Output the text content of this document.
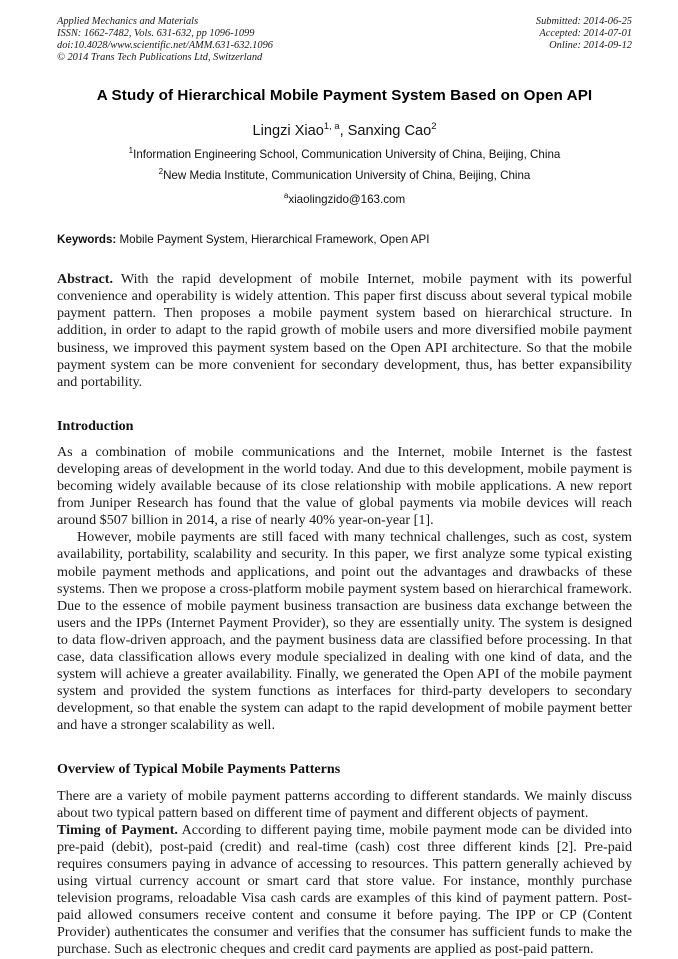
Applied Mechanics and Materials
ISSN: 1662-7482, Vols. 631-632, pp 1096-1099
doi:10.4028/www.scientific.net/AMM.631-632.1096
© 2014 Trans Tech Publications Ltd, Switzerland
Submitted: 2014-06-25
Accepted: 2014-07-01
Online: 2014-09-12
A Study of Hierarchical Mobile Payment System Based on Open API

Lingzi Xiao$^{1, a}$, Sanxing Cao$^2$

$^1$Information Engineering School, Communication University of China, Beijing, China

$^2$New Media Institute, Communication University of China, Beijing, China

$^a$xiaolingzido@163.com

Keywords: Mobile Payment System, Hierarchical Framework, Open API

Abstract. With the rapid development of mobile Internet, mobile payment with its powerful convenience and operability is widely attention. This paper first discuss about several typical mobile payment pattern. Then proposes a mobile payment system based on hierarchical structure. In addition, in order to adapt to the rapid growth of mobile users and more diversified mobile payment business, we improved this payment system based on the Open API architecture. So that the mobile payment system can be more convenient for secondary development, thus, has better expansibility and portability.

Introduction

As a combination of mobile communications and the Internet, mobile Internet is the fastest developing areas of development in the world today. And due to this development, mobile payment is becoming widely available because of its close relationship with mobile applications. A new report from Juniper Research has found that the value of global payments via mobile devices will reach around $507 billion in 2014, a rise of nearly 40% year-on-year [1].

However, mobile payments are still faced with many technical challenges, such as cost, system availability, portability, scalability and security. In this paper, we first analyze some typical existing mobile payment methods and applications, and point out the advantages and drawbacks of these systems. Then we propose a cross-platform mobile payment system based on hierarchical framework. Due to the essence of mobile payment business transaction are business data exchange between the users and the IPPs (Internet Payment Provider), so they are essentially unity. The system is designed to data flow-driven approach, and the payment business data are classified before processing. In that case, data classification allows every module specialized in dealing with one kind of data, and the system will achieve a greater availability. Finally, we generated the Open API of the mobile payment system and provided the system functions as interfaces for third-party developers to secondary development, so that enable the system can adapt to the rapid development of mobile payment better and have a stronger scalability as well.

Overview of Typical Mobile Payments Patterns

There are a variety of mobile payment patterns according to different standards. We mainly discuss about two typical pattern based on different time of payment and different objects of payment.

Timing of Payment. According to different paying time, mobile payment mode can be divided into pre-paid (debit), post-paid (credit) and real-time (cash) cost three different kinds [2]. Pre-paid requires consumers paying in advance of accessing to resources. This pattern generally achieved by using virtual currency account or smart card that store value. For instance, monthly purchase television programs, reloadable Visa cash cards are examples of this kind of payment pattern. Post-paid allowed consumers receive content and consume it before paying. The IPP or CP (Content Provider) authenticates the consumer and verifies that the consumer has sufficient funds to make the purchase. Such as electronic cheques and credit card payments are applied as post-paid pattern.
